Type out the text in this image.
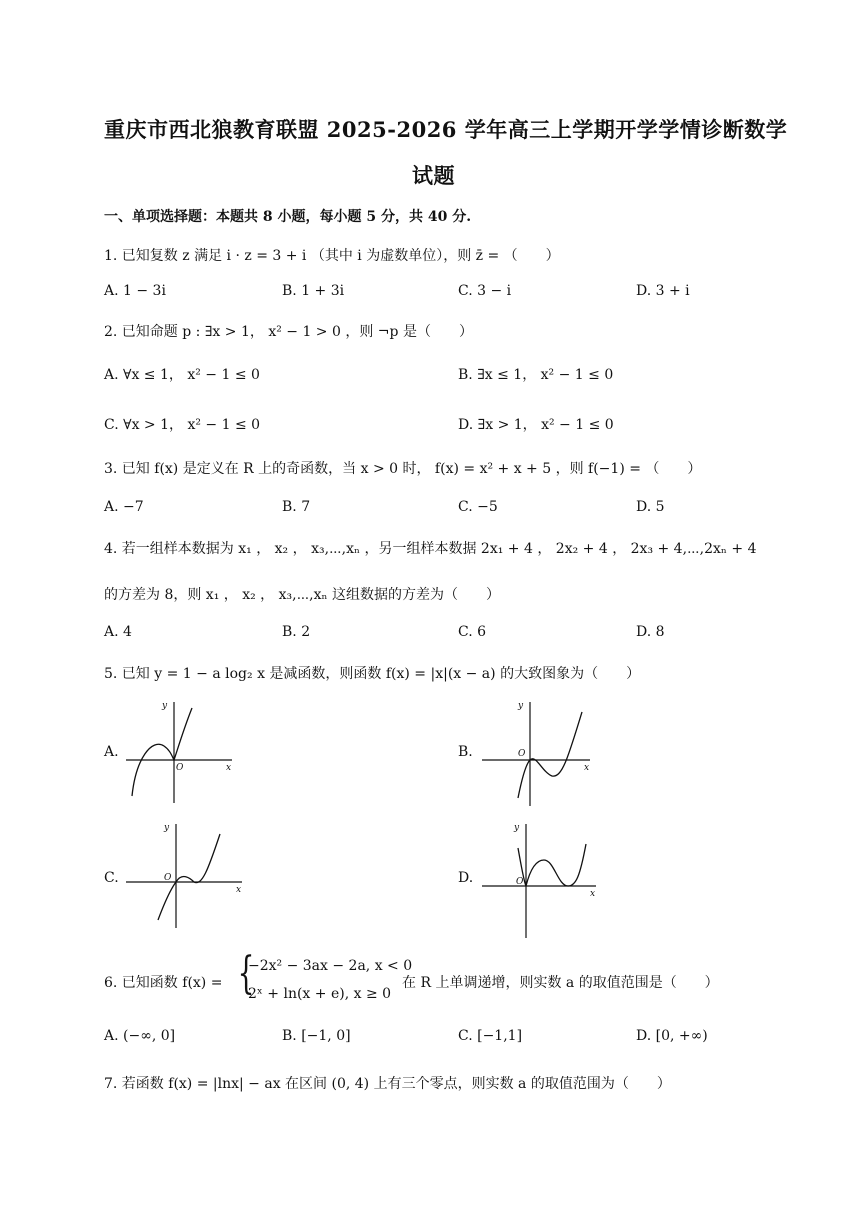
重庆市西北狼教育联盟 2025-2026 学年高三上学期开学学情诊断数学
试题
一、单项选择题：本题共 8 小题，每小题 5 分，共 40 分.
1. 已知复数 z 满足 i · z = 3 + i （其中 i 为虚数单位），则 z̄ = （　　）
A. 1 − 3i	B. 1 + 3i	C. 3 − i	D. 3 + i
2. 已知命题 p : ∃x > 1， x² − 1 > 0 ，则 ¬p 是（　　）
A. ∀x ≤ 1， x² − 1 ≤ 0	B. ∃x ≤ 1， x² − 1 ≤ 0
C. ∀x > 1， x² − 1 ≤ 0	D. ∃x > 1， x² − 1 ≤ 0
3. 已知 f(x) 是定义在 R 上的奇函数，当 x > 0 时， f(x) = x² + x + 5 ，则 f(−1) = （　　）
A. −7	B. 7	C. −5	D. 5
4. 若一组样本数据为 x₁ ， x₂ ， x₃,⋯,xₙ ，另一组样本数据 2x₁ + 4 ， 2x₂ + 4 ， 2x₃ + 4,⋯,2xₙ + 4
的方差为 8，则 x₁ ， x₂ ， x₃,⋯,xₙ 这组数据的方差为（　　）
A. 4	B. 2	C. 6	D. 8
5. 已知 y = 1 − a log₂ x 是减函数，则函数 f(x) = |x|(x − a) 的大致图象为（　　）
A.
x
y
O
B.
x
y
O
C.
x
y
O	D.
x
y
O
6. 已知函数 f(x) = {
−2x² − 3ax − 2a, x < 0
2ˣ + ln(x + e), x ≥ 0
在 R 上单调递增，则实数 a 的取值范围是（　　）
A. (−∞, 0]	B. [−1, 0]	C. [−1,1]	D. [0, +∞)
7. 若函数 f(x) = |lnx| − ax 在区间 (0, 4) 上有三个零点，则实数 a 的取值范围为（　　）
